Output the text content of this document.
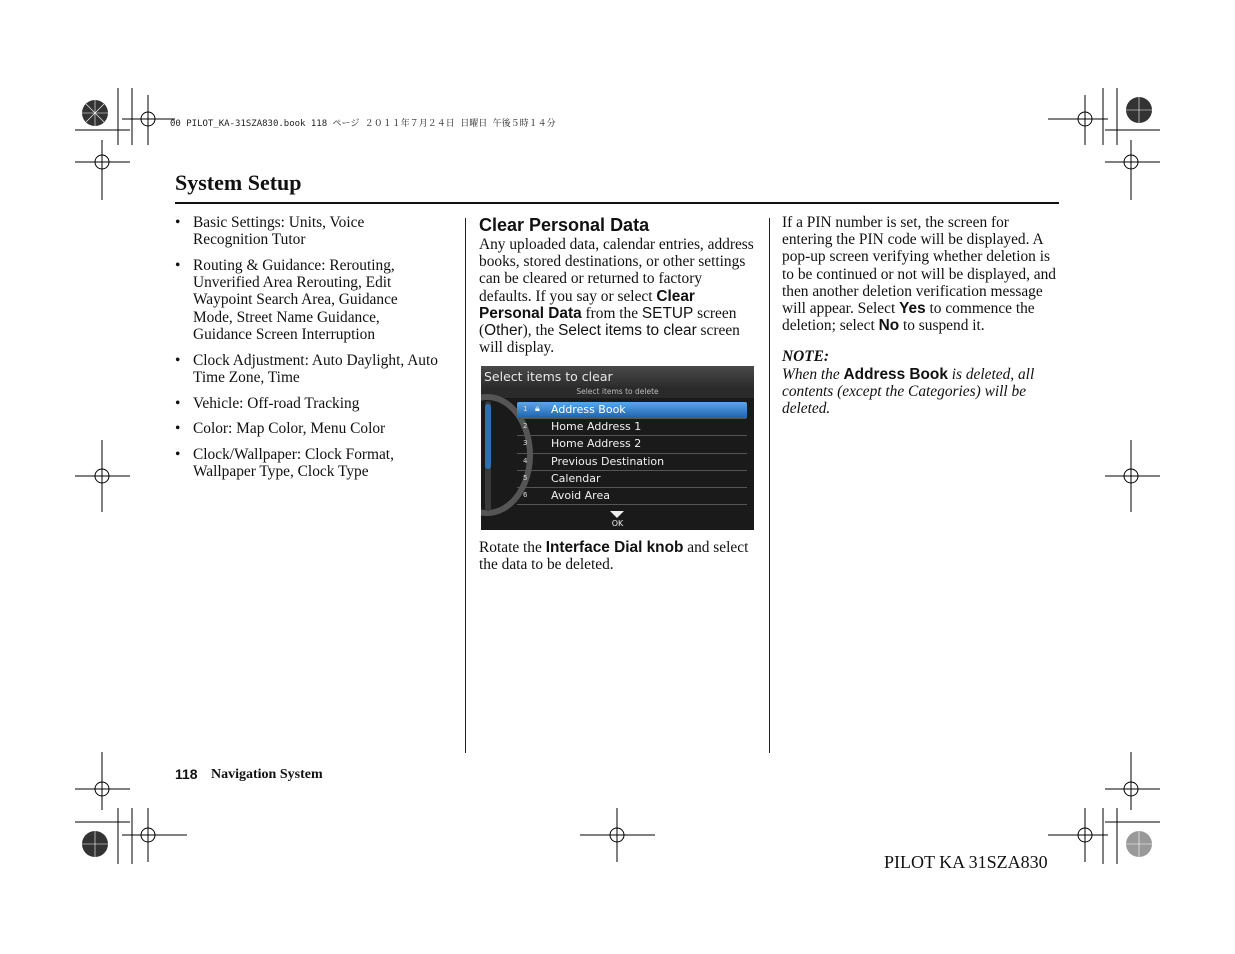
00 PILOT_KA-31SZA830.book 118 ページ ２０１１年７月２４日 日曜日 午後５時１４分
System Setup
• Basic Settings: Units, Voice Recognition Tutor
• Routing & Guidance: Rerouting, Unverified Area Rerouting, Edit Waypoint Search Area, Guidance Mode, Street Name Guidance, Guidance Screen Interruption
• Clock Adjustment: Auto Daylight, Auto Time Zone, Time
• Vehicle: Off-road Tracking
• Color: Map Color, Menu Color
• Clock/Wallpaper: Clock Format, Wallpaper Type, Clock Type

Clear Personal Data

Any uploaded data, calendar entries, address books, stored destinations, or other settings can be cleared or returned to factory defaults. If you say or select Clear Personal Data from the SETUP screen (Other), the Select items to clear screen will display.

Select items to clear
Select items to delete
1 🔒︎ Address Book
2 Home Address 1
3 Home Address 2
4 Previous Destination
5 Calendar
6 Avoid Area
OK
Rotate the Interface Dial knob and select the data to be deleted.

If a PIN number is set, the screen for entering the PIN code will be displayed. A pop-up screen verifying whether deletion is to be continued or not will be displayed, and then another deletion verification message will appear. Select Yes to commence the deletion; select No to suspend it.

NOTE:

When the Address Book is deleted, all contents (except the Categories) will be deleted.

118 Navigation System
PILOT KA 31SZA830
